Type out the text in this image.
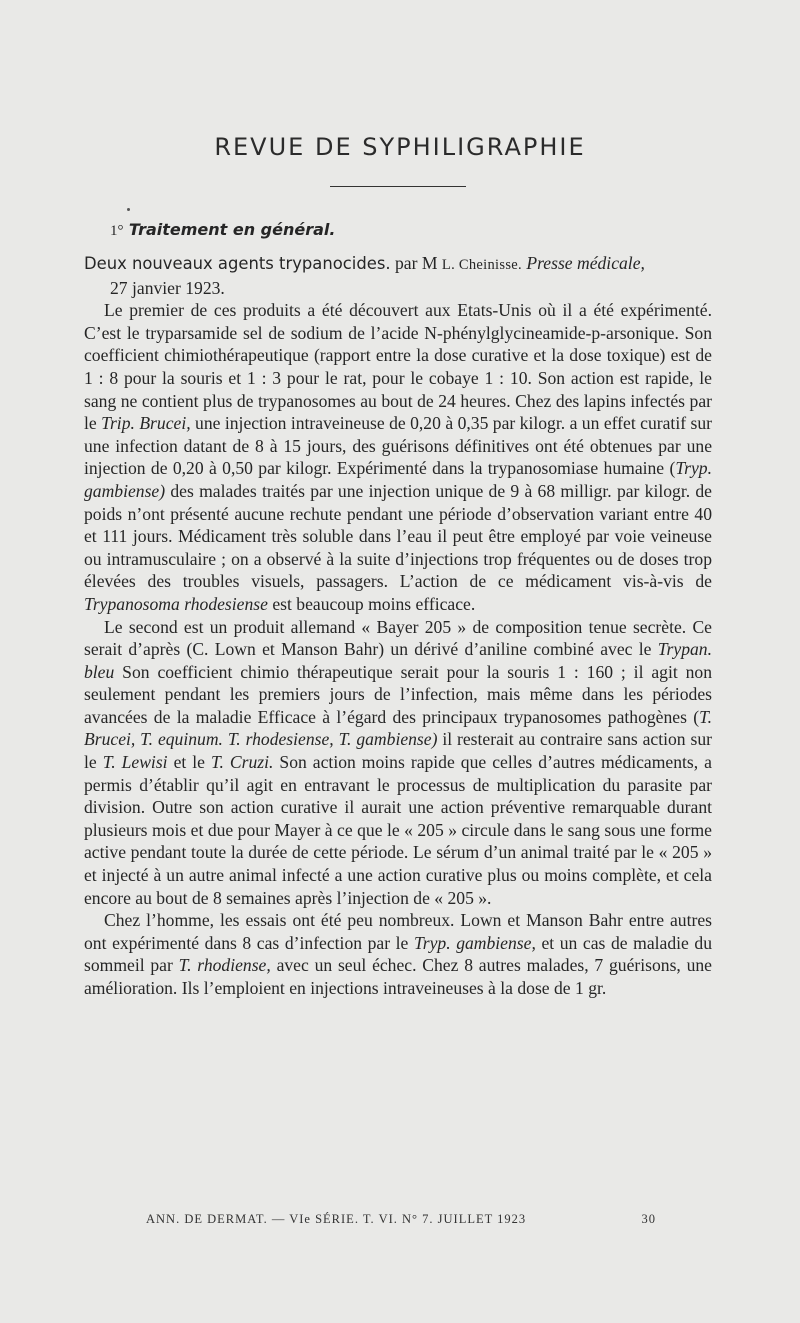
REVUE DE SYPHILIGRAPHIE
1° Traitement en général.

Deux nouveaux agents trypanocides. par M L. Cheinisse. Presse médicale,

27 janvier 1923.

Le premier de ces produits a été découvert aux Etats-Unis où il a été expérimenté. C’est le tryparsamide sel de sodium de l’acide N-phénylglycineamide-p-arsonique. Son coefficient chimiothérapeutique (rapport entre la dose curative et la dose toxique) est de 1 : 8 pour la souris et 1 : 3 pour le rat, pour le cobaye 1 : 10. Son action est rapide, le sang ne contient plus de trypanosomes au bout de 24 heures. Chez des lapins infectés par le Trip. Brucei, une injection intraveineuse de 0,20 à 0,35 par kilogr. a un effet curatif sur une infection datant de 8 à 15 jours, des guérisons définitives ont été obtenues par une injection de 0,20 à 0,50 par kilogr. Expérimenté dans la trypanosomiase humaine (Tryp. gambiense) des malades traités par une injection unique de 9 à 68 milligr. par kilogr. de poids n’ont présenté aucune rechute pendant une période d’observation variant entre 40 et 111 jours. Médicament très soluble dans l’eau il peut être employé par voie veineuse ou intramusculaire ; on a observé à la suite d’injections trop fréquentes ou de doses trop élevées des troubles visuels, passagers. L’action de ce médicament vis-à-vis de Trypanosoma rhodesiense est beaucoup moins efficace.

Le second est un produit allemand « Bayer 205 » de composition tenue secrète. Ce serait d’après (C. Lown et Manson Bahr) un dérivé d’aniline combiné avec le Trypan. bleu Son coefficient chimio thérapeutique serait pour la souris 1 : 160 ; il agit non seulement pendant les premiers jours de l’infection, mais même dans les périodes avancées de la maladie Efficace à l’égard des principaux trypanosomes pathogènes (T. Brucei, T. equinum. T. rhodesiense, T. gambiense) il resterait au contraire sans action sur le T. Lewisi et le T. Cruzi. Son action moins rapide que celles d’autres médicaments, a permis d’établir qu’il agit en entravant le processus de multiplication du parasite par division. Outre son action curative il aurait une action préventive remarquable durant plusieurs mois et due pour Mayer à ce que le « 205 » circule dans le sang sous une forme active pendant toute la durée de cette période. Le sérum d’un animal traité par le « 205 » et injecté à un autre animal infecté a une action curative plus ou moins complète, et cela encore au bout de 8 semaines après l’injection de « 205 ».

Chez l’homme, les essais ont été peu nombreux. Lown et Manson Bahr entre autres ont expérimenté dans 8 cas d’infection par le Tryp. gambiense, et un cas de maladie du sommeil par T. rhodiense, avec un seul échec. Chez 8 autres malades, 7 guérisons, une amélioration. Ils l’emploient en injections intraveineuses à la dose de 1 gr.

ANN. DE DERMAT. — VIe SÉRIE. T. VI. N° 7. JUILLET 1923	30
